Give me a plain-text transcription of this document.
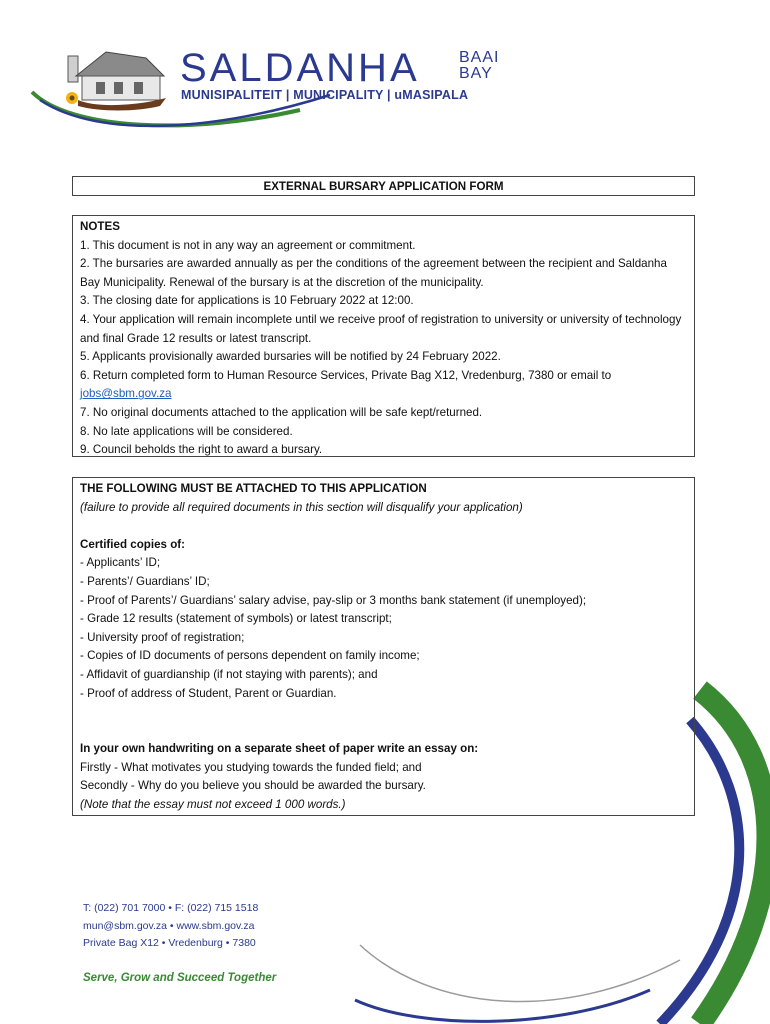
SALDANHA BAAI
BAY
MUNISIPALITEIT | MUNICIPALITY | uMASIPALA
EXTERNAL BURSARY APPLICATION FORM
NOTES
1. This document is not in any way an agreement or commitment.
2. The bursaries are awarded annually as per the conditions of the agreement between the recipient and Saldanha Bay Municipality. Renewal of the bursary is at the discretion of the municipality.
3. The closing date for applications is 10 February 2022 at 12:00.
4. Your application will remain incomplete until we receive proof of registration to university or university of technology and final Grade 12 results or latest transcript.
5. Applicants provisionally awarded bursaries will be notified by 24 February 2022.
6. Return completed form to Human Resource Services, Private Bag X12, Vredenburg, 7380 or email to
jobs@sbm.gov.za
7. No original documents attached to the application will be safe kept/returned.
8. No late applications will be considered.
9. Council beholds the right to award a bursary.
THE FOLLOWING MUST BE ATTACHED TO THIS APPLICATION
(failure to provide all required documents in this section will disqualify your application)
Certified copies of:
- Applicants’ ID;
- Parents’/ Guardians’ ID;
- Proof of Parents’/ Guardians’ salary advise, pay-slip or 3 months bank statement (if unemployed);
- Grade 12 results (statement of symbols) or latest transcript;
- University proof of registration;
- Copies of ID documents of persons dependent on family income;
- Affidavit of guardianship (if not staying with parents); and
- Proof of address of Student, Parent or Guardian.
In your own handwriting on a separate sheet of paper write an essay on:
Firstly - What motivates you studying towards the funded field; and
Secondly - Why do you believe you should be awarded the bursary.
(Note that the essay must not exceed 1 000 words.)
T: (022) 701 7000 • F: (022) 715 1518
mun@sbm.gov.za • www.sbm.gov.za
Private Bag X12 • Vredenburg • 7380
Serve, Grow and Succeed Together
